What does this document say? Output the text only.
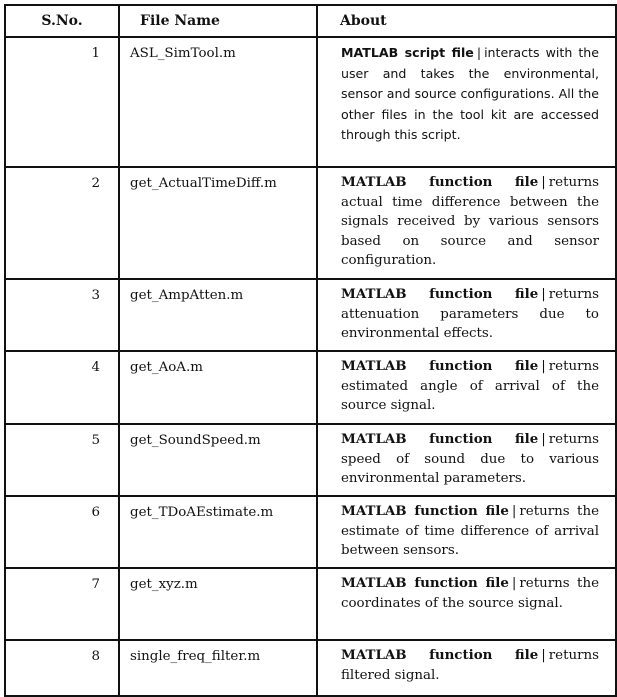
S.No.	File Name	About
1	ASL_SimTool.m	MATLAB script file | interacts with the user and takes the environmental, sensor and source configurations. All the other files in the tool kit are accessed through this script.
2	get_ActualTimeDiff.m	MATLAB function file | returns actual time difference between the signals received by various sensors based on source and sensor configuration.
3	get_AmpAtten.m	MATLAB function file | returns attenuation parameters due to environmental effects.
4	get_AoA.m	MATLAB function file | returns estimated angle of arrival of the source signal.
5	get_SoundSpeed.m	MATLAB function file | returns speed of sound due to various environmental parameters.
6	get_TDoAEstimate.m	MATLAB function file | returns the estimate of time difference of arrival between sensors.
7	get_xyz.m	MATLAB function file | returns the coordinates of the source signal.
8	single_freq_filter.m	MATLAB function file | returns filtered signal.
